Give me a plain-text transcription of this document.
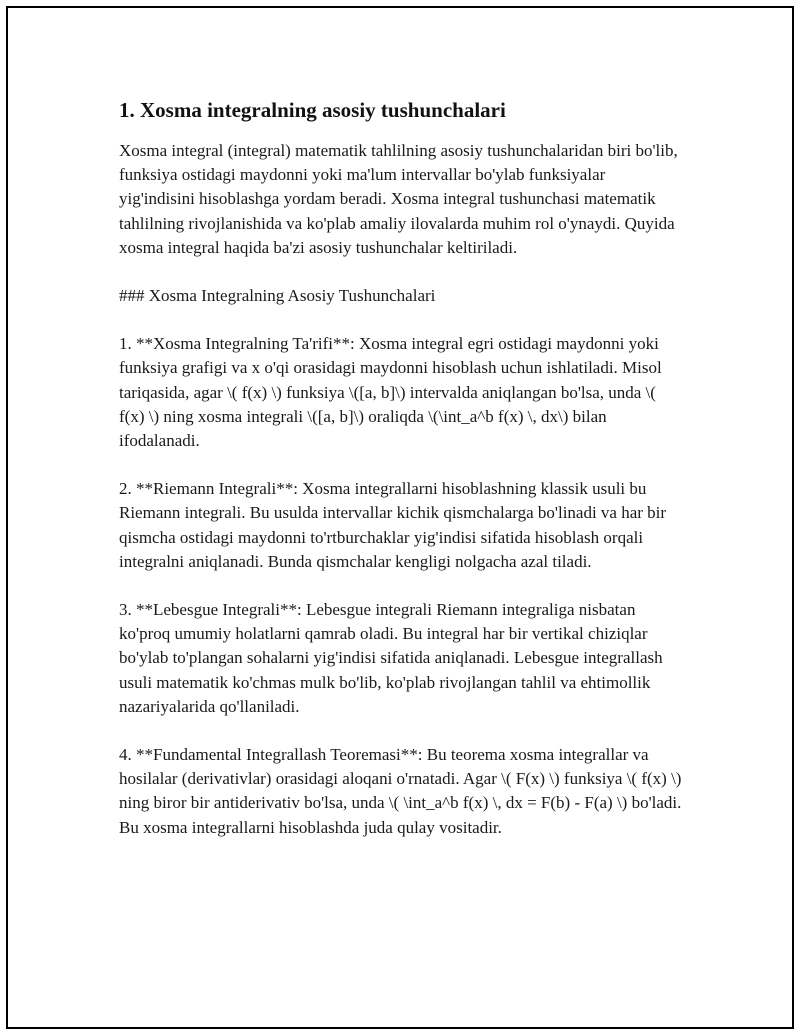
1. Xosma integralning asosiy tushunchalari

Xosma integral (integral) matematik tahlilning asosiy tushunchalaridan biri bo'lib, funksiya ostidagi maydonni yoki ma'lum intervallar bo'ylab funksiyalar yig'indisini hisoblashga yordam beradi. Xosma integral tushunchasi matematik tahlilning rivojlanishida va ko'plab amaliy ilovalarda muhim rol o'ynaydi. Quyida xosma integral haqida ba'zi asosiy tushunchalar keltiriladi.

### Xosma Integralning Asosiy Tushunchalari

1. **Xosma Integralning Ta'rifi**: Xosma integral egri ostidagi maydonni yoki funksiya grafigi va x o'qi orasidagi maydonni hisoblash uchun ishlatiladi. Misol tariqasida, agar \( f(x) \) funksiya \([a, b]\) intervalda aniqlangan bo'lsa, unda \( f(x) \) ning xosma integrali \([a, b]\) oraliqda \(\int_a^b f(x) \, dx\) bilan ifodalanadi.

2. **Riemann Integrali**: Xosma integrallarni hisoblashning klassik usuli bu Riemann integrali. Bu usulda intervallar kichik qismchalarga bo'linadi va har bir qismcha ostidagi maydonni to'rtburchaklar yig'indisi sifatida hisoblash orqali integralni aniqlanadi. Bunda qismchalar kengligi nolgacha azal tiladi.

3. **Lebesgue Integrali**: Lebesgue integrali Riemann integraliga nisbatan ko'proq umumiy holatlarni qamrab oladi. Bu integral har bir vertikal chiziqlar bo'ylab to'plangan sohalarni yig'indisi sifatida aniqlanadi. Lebesgue integrallash usuli matematik ko'chmas mulk bo'lib, ko'plab rivojlangan tahlil va ehtimollik nazariyalarida qo'llaniladi.

4. **Fundamental Integrallash Teoremasi**: Bu teorema xosma integrallar va hosilalar (derivativlar) orasidagi aloqani o'rnatadi. Agar \( F(x) \) funksiya \( f(x) \) ning biror bir antiderivativ bo'lsa, unda \( \int_a^b f(x) \, dx = F(b) - F(a) \) bo'ladi. Bu xosma integrallarni hisoblashda juda qulay vositadir.
